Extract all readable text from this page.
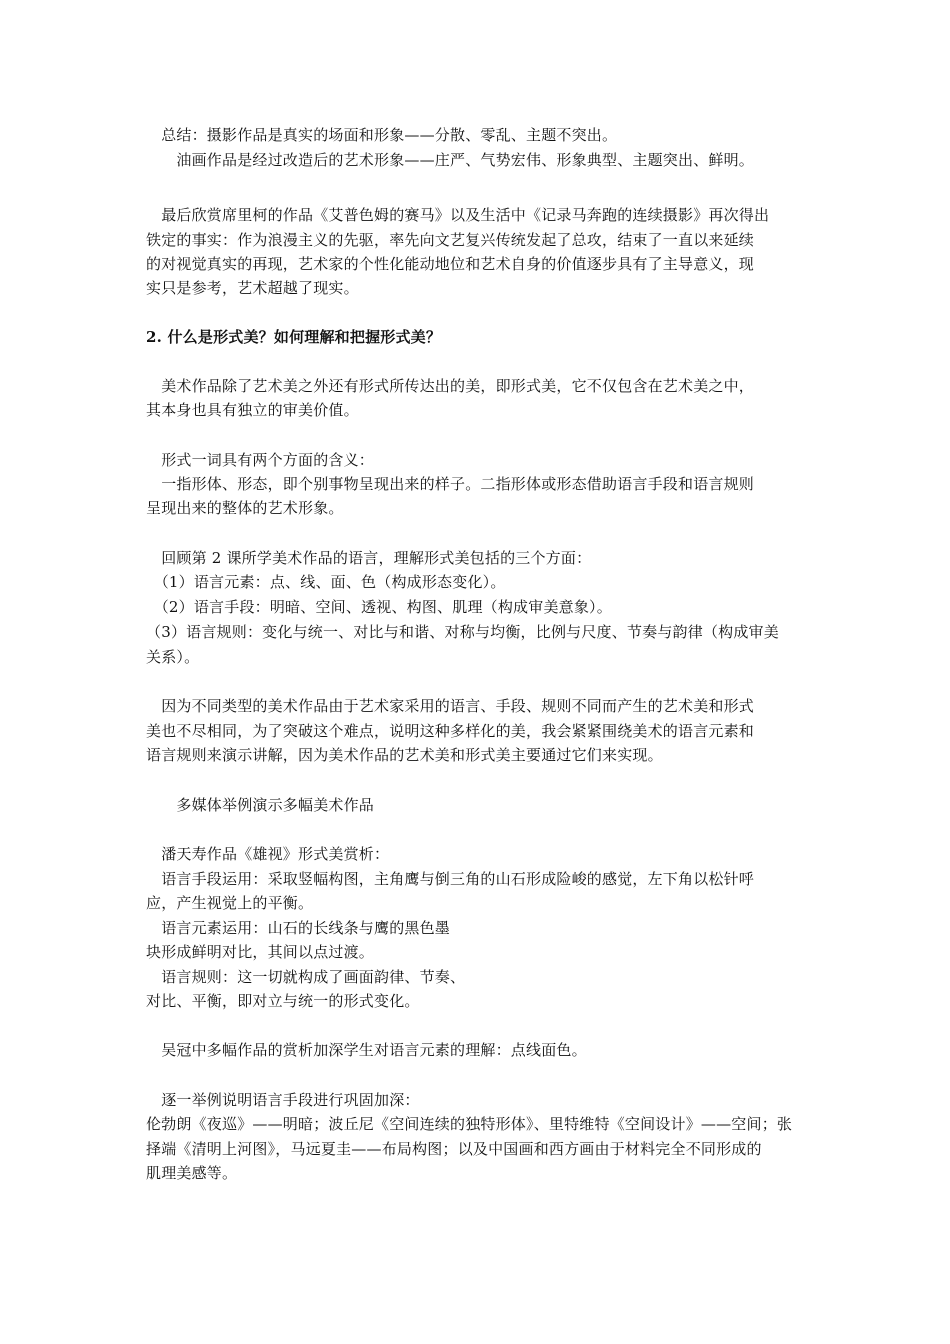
　总结：摄影作品是真实的场面和形象——分散、零乱、主题不突出。
　　油画作品是经过改造后的艺术形象——庄严、气势宏伟、形象典型、主题突出、鲜明。
　最后欣赏席里柯的作品《艾普色姆的赛马》以及生活中《记录马奔跑的连续摄影》再次得出
铁定的事实：作为浪漫主义的先驱，率先向文艺复兴传统发起了总攻，结束了一直以来延续
的对视觉真实的再现，艺术家的个性化能动地位和艺术自身的价值逐步具有了主导意义，现
实只是参考，艺术超越了现实。
2. 什么是形式美？如何理解和把握形式美？
　美术作品除了艺术美之外还有形式所传达出的美，即形式美，它不仅包含在艺术美之中，
其本身也具有独立的审美价值。
　形式一词具有两个方面的含义：
　一指形体、形态，即个别事物呈现出来的样子。二指形体或形态借助语言手段和语言规则
呈现出来的整体的艺术形象。
　回顾第 2 课所学美术作品的语言，理解形式美包括的三个方面：
　（1）语言元素：点、线、面、色（构成形态变化）。
　（2）语言手段：明暗、空间、透视、构图、肌理（构成审美意象）。
（3）语言规则：变化与统一、对比与和谐、对称与均衡，比例与尺度、节奏与韵律（构成审美
关系）。
　因为不同类型的美术作品由于艺术家采用的语言、手段、规则不同而产生的艺术美和形式
美也不尽相同，为了突破这个难点，说明这种多样化的美，我会紧紧围绕美术的语言元素和
语言规则来演示讲解，因为美术作品的艺术美和形式美主要通过它们来实现。
　　多媒体举例演示多幅美术作品
　潘天寿作品《雄视》形式美赏析：
　语言手段运用：采取竖幅构图，主角鹰与倒三角的山石形成险峻的感觉，左下角以松针呼
应，产生视觉上的平衡。
　语言元素运用：山石的长线条与鹰的黑色墨
块形成鲜明对比，其间以点过渡。
　语言规则：这一切就构成了画面韵律、节奏、
对比、平衡，即对立与统一的形式变化。
　吴冠中多幅作品的赏析加深学生对语言元素的理解：点线面色。
　逐一举例说明语言手段进行巩固加深：
伦勃朗《夜巡》——明暗；波丘尼《空间连续的独特形体》、里特维特《空间设计》——空间；张
择端《清明上河图》，马远夏圭——布局构图；以及中国画和西方画由于材料完全不同形成的
肌理美感等。
